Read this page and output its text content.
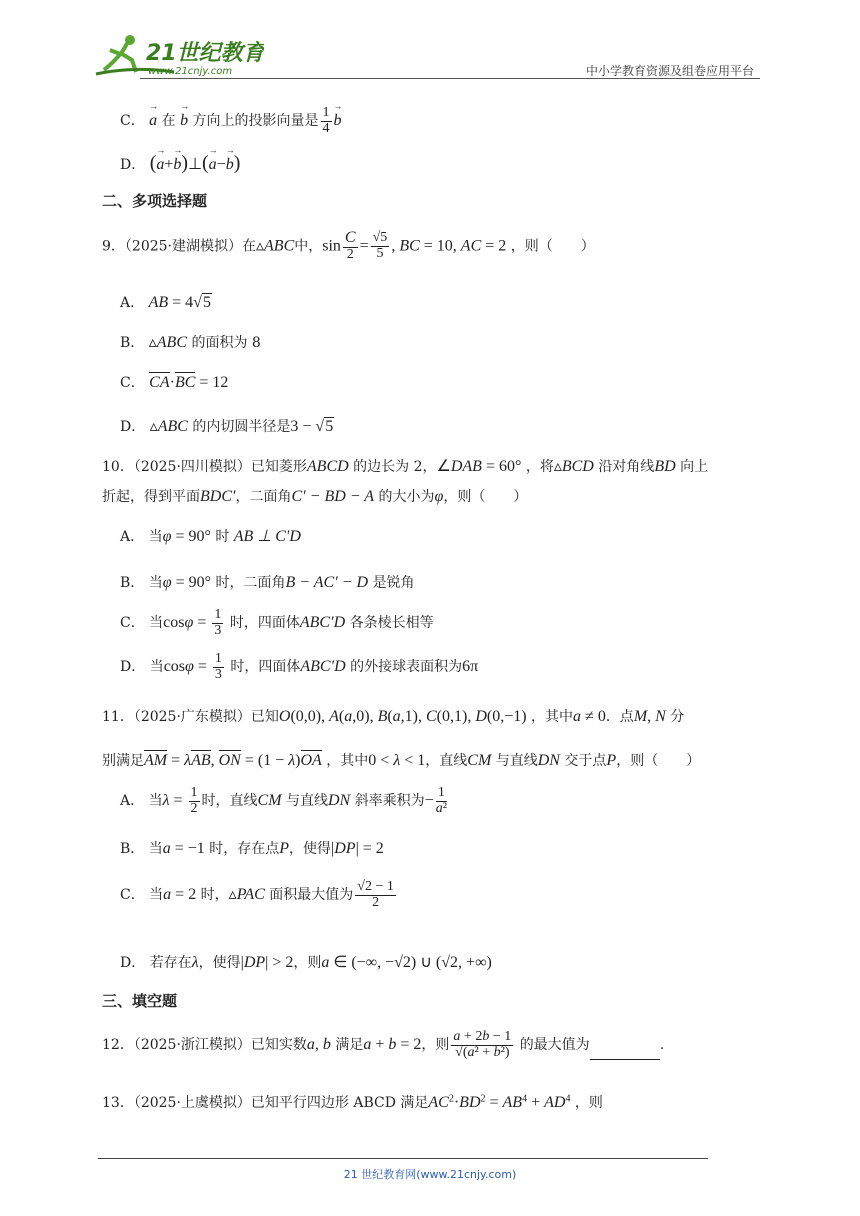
21世纪教育
www.21cnjy.com	中小学教育资源及组卷应用平台
C． → a 在 → b 方向上的投影向量是 $\frac{1}{4}$
→ b
D． (→ a+→ b)⊥(→ a−→ b)
二、多项选择题
9．（2025·建湖模拟）在▵ABC中，$\sin \frac{C}{2} = \frac{√5}{5}$ , BC = 10, AC = 2 ，则（　　）
A． AB = 4√5
B． ▵ABC 的面积为 8
C． CA·BC = 12
D． ▵ABC 的内切圆半径是3 − √5
10．（2025·四川模拟）已知菱形ABCD 的边长为 2，∠DAB = 60° ，将▵BCD 沿对角线BD 向上
折起，得到平面BDC′，二面角C′ − BD − A 的大小为φ，则（　　）
A． 当φ = 90° 时 AB ⊥ C′D
B． 当φ = 90° 时，二面角B − AC′ − D 是锐角
C． 当$\cos\varphi = \frac{1}{3}$ 时，四面体ABC′D 各条棱长相等
D． 当$\cos\varphi = \frac{1}{3}$ 时，四面体ABC′D 的外接球表面积为6π
11．（2025·广东模拟）已知O(0,0), A(a,0), B(a,1), C(0,1), D(0,−1) ，其中a ≠ 0．点M, N 分
别满足AM = λAB, ON = (1 − λ)OA ，其中0 < λ < 1，直线CM 与直线DN 交于点P，则（　　）
A． 当$\lambda = \frac{1}{2}$ 时，直线CM 与直线DN 斜率乘积为− $\frac{1}{\text{a²}}$
B． 当a = −1 时，存在点P，使得|DP| = 2
C． 当a = 2 时，▵PAC 面积最大值为 $\frac{√2 - 1}{2}$
D． 若存在λ，使得|DP| > 2，则a ∈ (−∞, −√2) ∪ (√2, +∞)
三、填空题
12．（2025·浙江模拟）已知实数a, b 满足a + b = 2，则 $\frac{a + 2b - 1}{\text{√(a² + b²)}}$ 的最大值为	.
13．（2025·上虞模拟）已知平行四边形 ABCD 满足$AC^2\cdot BD^2 = AB^4 + AD^4$ ，则
21 世纪教育网(www.21cnjy.com)
